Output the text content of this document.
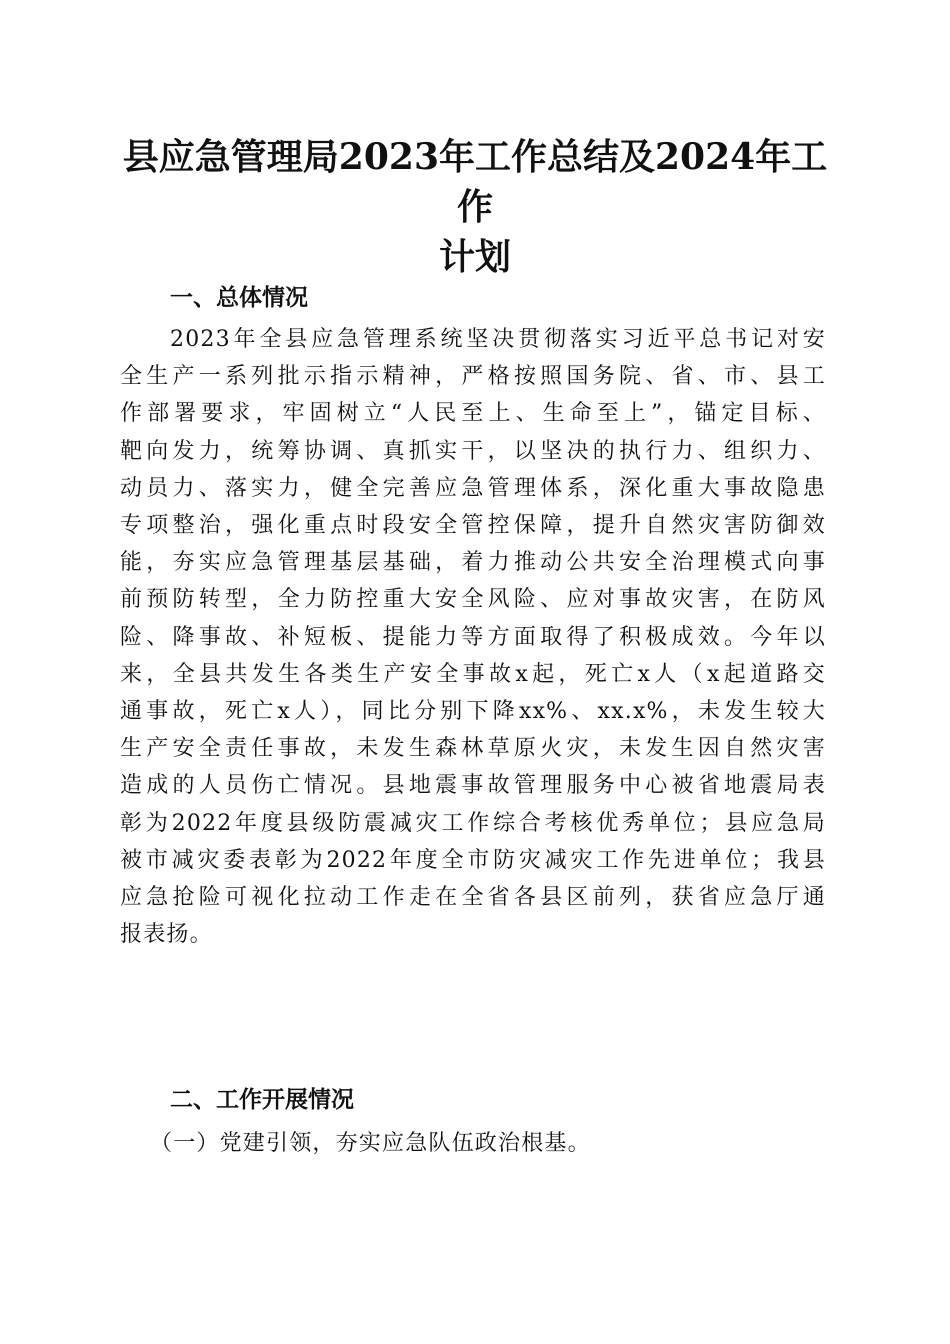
县应急管理局2023年工作总结及2024年工作
计划
一、总体情况
2023年全县应急管理系统坚决贯彻落实习近平总书记对安
全生产一系列批示指示精神，严格按照国务院、省、市、县工
作部署要求，牢固树立“人民至上、生命至上”，锚定目标、
靶向发力，统筹协调、真抓实干，以坚决的执行力、组织力、
动员力、落实力，健全完善应急管理体系，深化重大事故隐患
专项整治，强化重点时段安全管控保障，提升自然灾害防御效
能，夯实应急管理基层基础，着力推动公共安全治理模式向事
前预防转型，全力防控重大安全风险、应对事故灾害，在防风
险、降事故、补短板、提能力等方面取得了积极成效。今年以
来，全县共发生各类生产安全事故x起，死亡x人（x起道路交
通事故，死亡x人），同比分别下降xx%、xx.x%，未发生较大
生产安全责任事故，未发生森林草原火灾，未发生因自然灾害
造成的人员伤亡情况。县地震事故管理服务中心被省地震局表
彰为2022年度县级防震减灾工作综合考核优秀单位；县应急局
被市减灾委表彰为2022年度全市防灾减灾工作先进单位；我县
应急抢险可视化拉动工作走在全省各县区前列，获省应急厅通
报表扬。
二、工作开展情况

（一）党建引领，夯实应急队伍政治根基。
